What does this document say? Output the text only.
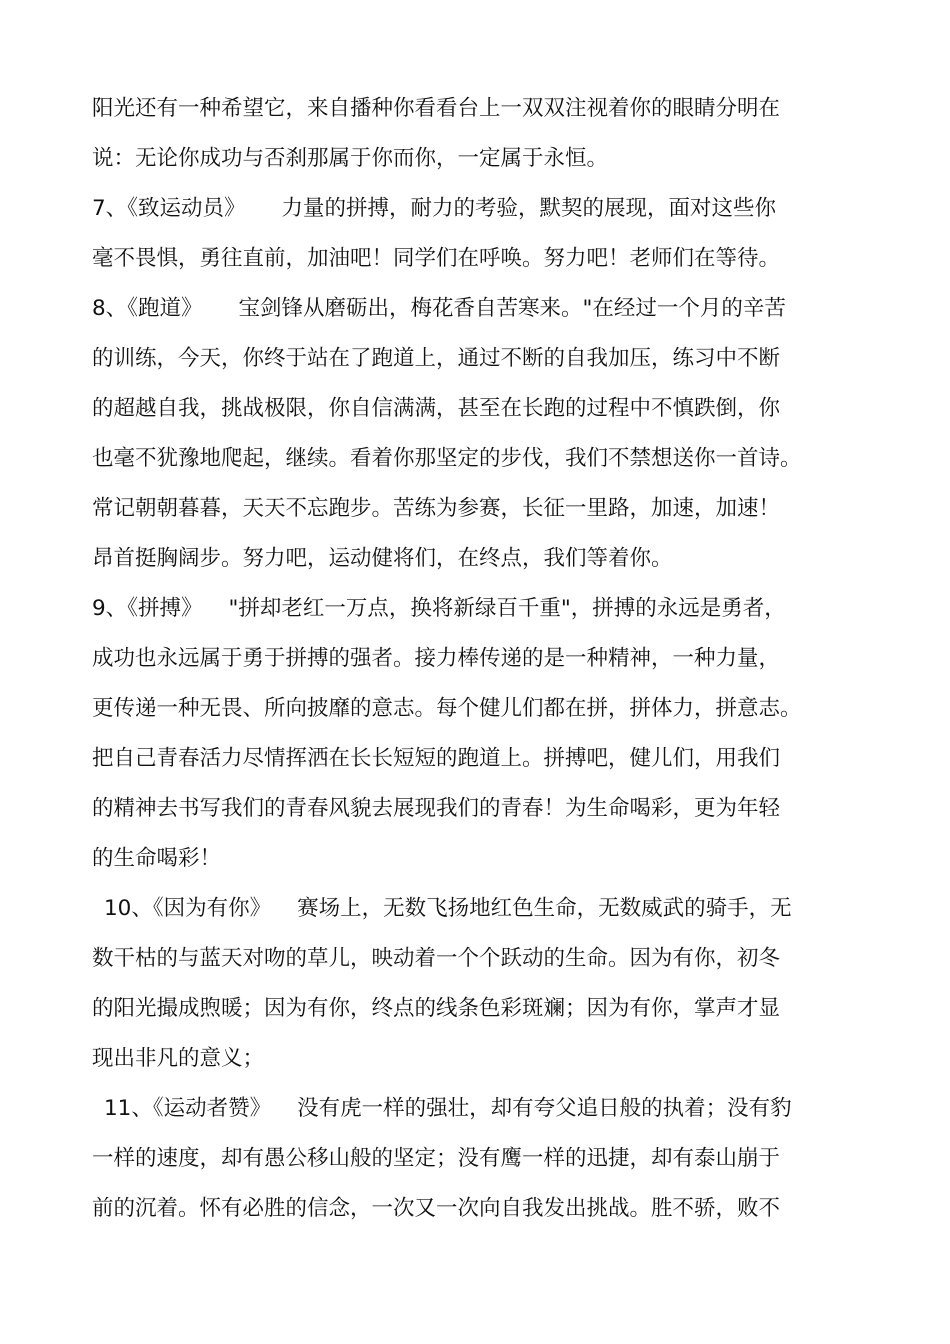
阳光还有一种希望它，来自播种你看看台上一双双注视着你的眼睛分明在
说：无论你成功与否刹那属于你而你，一定属于永恒。
7、《致运动员》 力量的拼搏，耐力的考验，默契的展现，面对这些你
毫不畏惧，勇往直前，加油吧！同学们在呼唤。努力吧！老师们在等待。
8、《跑道》 宝剑锋从磨砺出，梅花香自苦寒来。"在经过一个月的辛苦
的训练，今天，你终于站在了跑道上，通过不断的自我加压，练习中不断
的超越自我，挑战极限，你自信满满，甚至在长跑的过程中不慎跌倒，你
也毫不犹豫地爬起，继续。看着你那坚定的步伐，我们不禁想送你一首诗。
常记朝朝暮暮，天天不忘跑步。苦练为参赛，长征一里路，加速，加速！
昂首挺胸阔步。努力吧，运动健将们，在终点，我们等着你。
9、《拼搏》 "拼却老红一万点，换将新绿百千重"，拼搏的永远是勇者，
成功也永远属于勇于拼搏的强者。接力棒传递的是一种精神，一种力量，
更传递一种无畏、所向披靡的意志。每个健儿们都在拼，拼体力，拼意志。
把自己青春活力尽情挥洒在长长短短的跑道上。拼搏吧，健儿们，用我们
的精神去书写我们的青春风貌去展现我们的青春！为生命喝彩，更为年轻
的生命喝彩！
10、《因为有你》 赛场上，无数飞扬地红色生命，无数威武的骑手，无
数干枯的与蓝天对吻的草儿，映动着一个个跃动的生命。因为有你，初冬
的阳光撮成煦暖；因为有你，终点的线条色彩斑斓；因为有你，掌声才显
现出非凡的意义；
11、《运动者赞》 没有虎一样的强壮，却有夸父追日般的执着；没有豹
一样的速度，却有愚公移山般的坚定；没有鹰一样的迅捷，却有泰山崩于
前的沉着。怀有必胜的信念，一次又一次向自我发出挑战。胜不骄，败不
